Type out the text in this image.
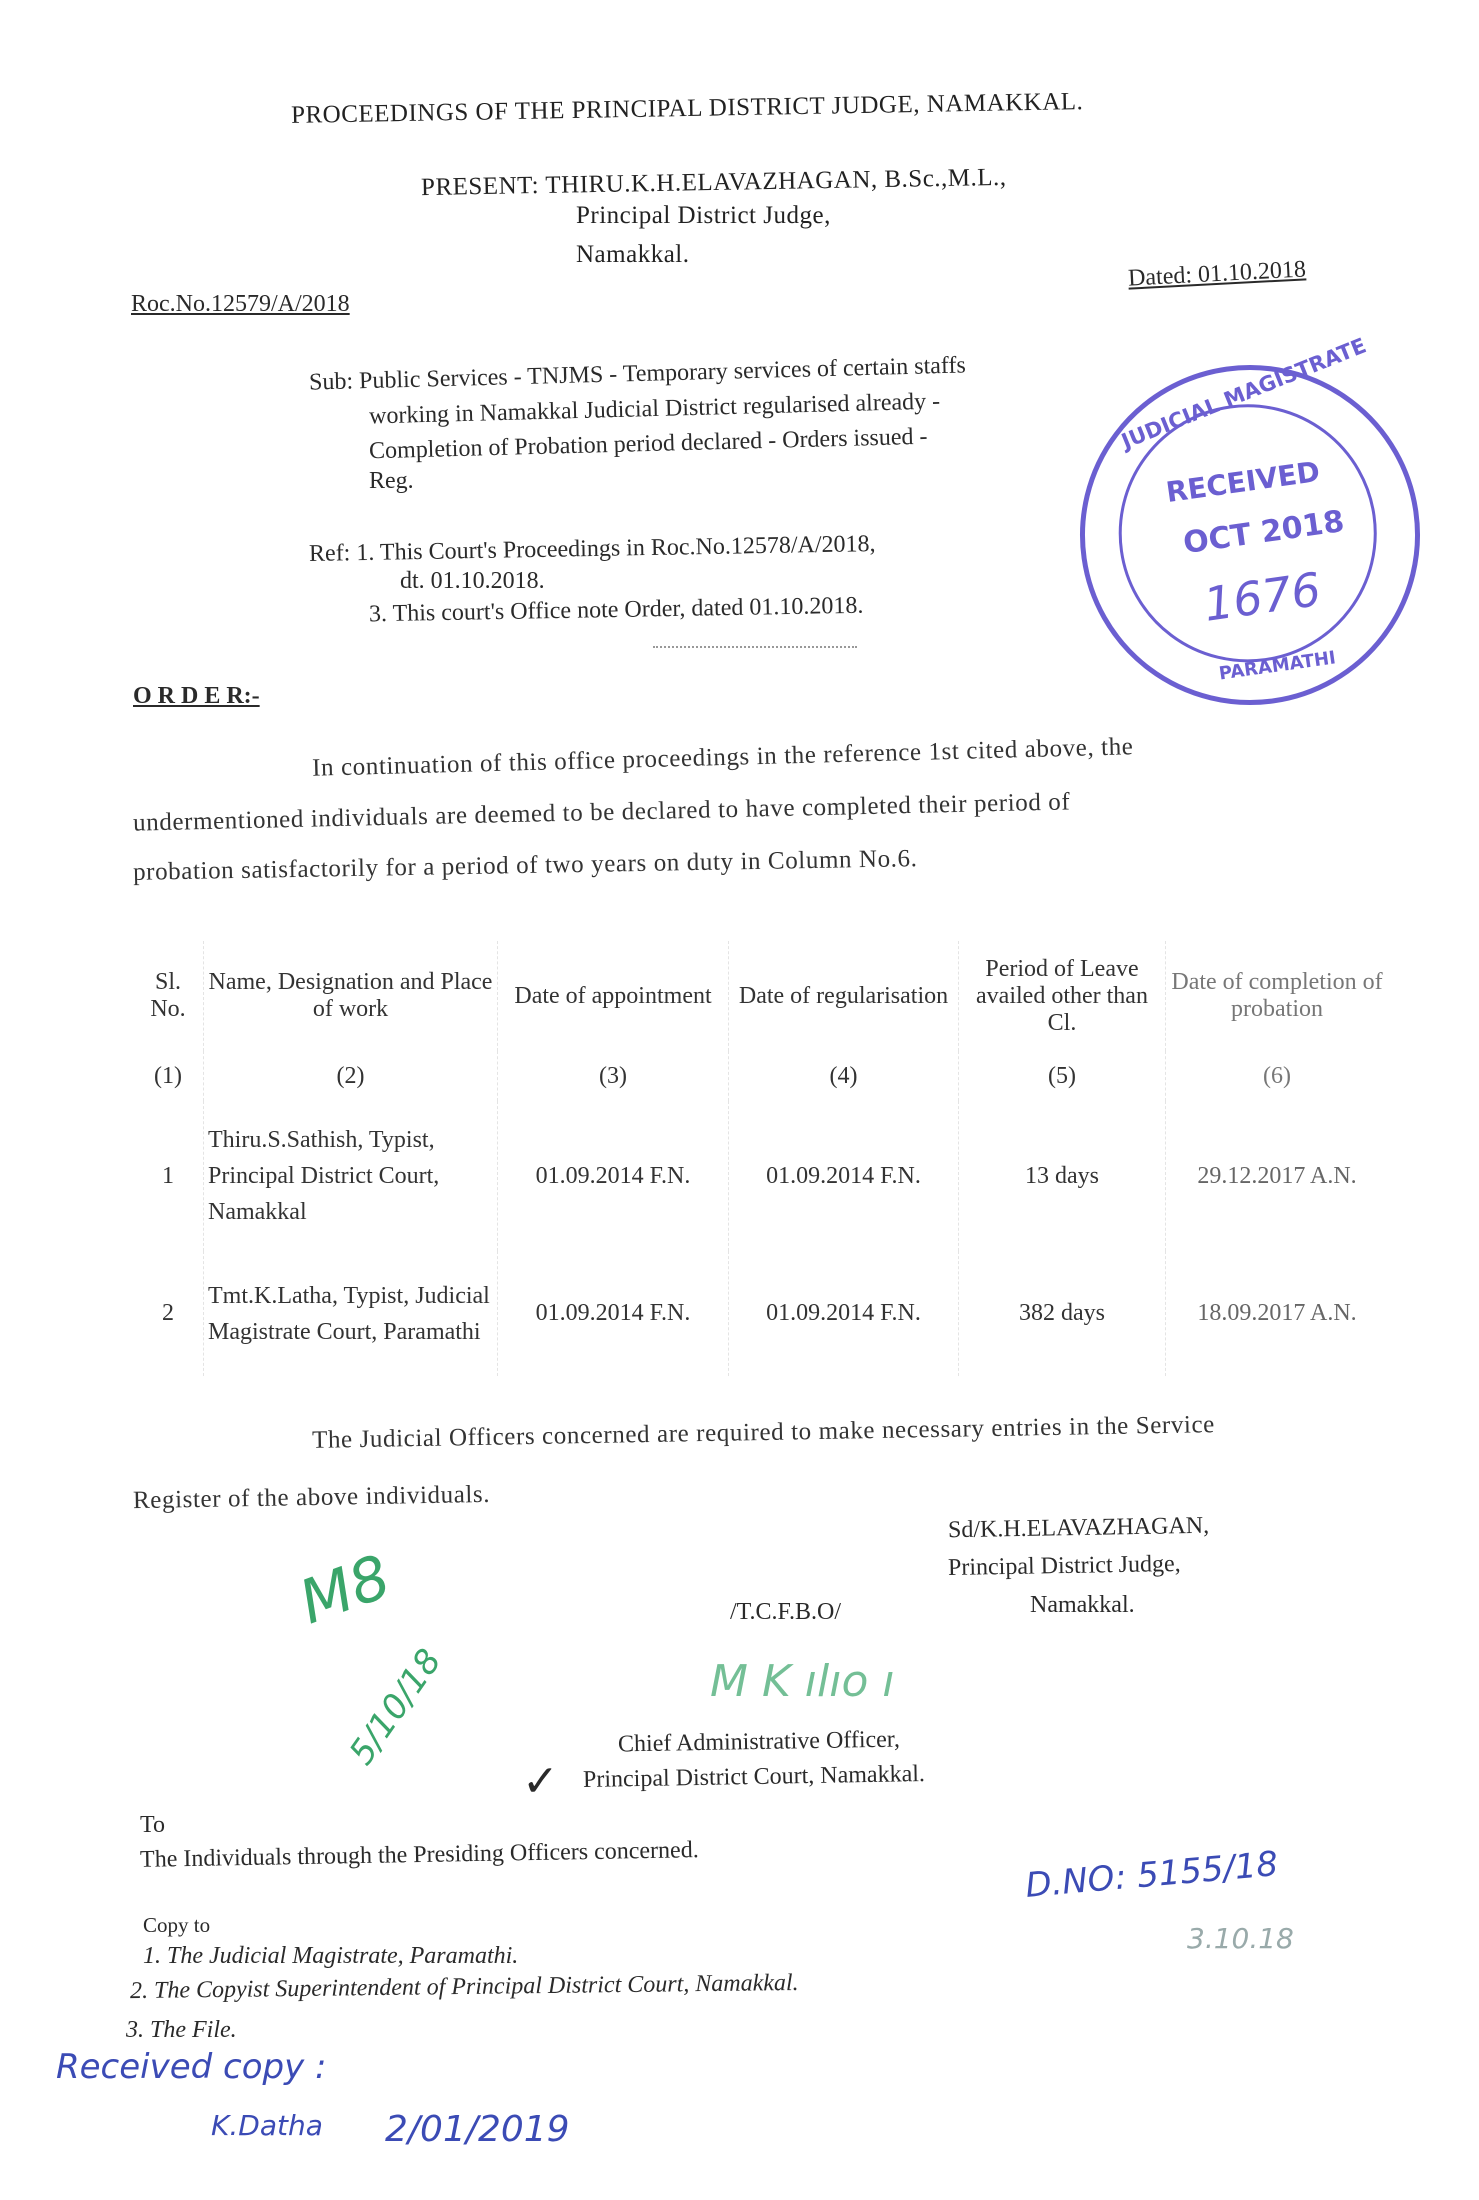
PROCEEDINGS OF THE PRINCIPAL DISTRICT JUDGE, NAMAKKAL.
PRESENT: THIRU.K.H.ELAVAZHAGAN, B.Sc.,M.L.,
Principal District Judge,
Namakkal.
Roc.No.12579/A/2018
Dated: 01.10.2018
Sub: Public Services - TNJMS - Temporary services of certain staffs
working in Namakkal Judicial District regularised already -
Completion of Probation period declared - Orders issued -
Reg.
Ref: 1. This Court's Proceedings in Roc.No.12578/A/2018,
dt. 01.10.2018.
3. This court's Office note Order, dated 01.10.2018.
O R D E R:-
In continuation of this office proceedings in the reference 1st cited above, the
undermentioned individuals are deemed to be declared to have completed their period of
probation satisfactorily for a period of two years on duty in Column No.6.
Sl. No.	Name, Designation and Place of work	Date of appointment	Date of regularisation	Period of Leave availed other than Cl.	Date of completion of probation
(1)	(2)	(3)	(4)	(5)	(6)
1	Thiru.S.Sathish, Typist, Principal District Court, Namakkal	01.09.2014 F.N.	01.09.2014 F.N.	13 days	29.12.2017 A.N.
2	Tmt.K.Latha, Typist, Judicial Magistrate Court, Paramathi	01.09.2014 F.N.	01.09.2014 F.N.	382 days	18.09.2017 A.N.
The Judicial Officers concerned are required to make necessary entries in the Service
Register of the above individuals.
Sd/K.H.ELAVAZHAGAN,
Principal District Judge,
Namakkal.
/T.C.F.B.O/
Chief Administrative Officer,
Principal District Court, Namakkal.
To
The Individuals through the Presiding Officers concerned.
Copy to
1. The Judicial Magistrate, Paramathi.
2. The Copyist Superintendent of Principal District Court, Namakkal.
3. The File.
JUDICIAL MAGISTRATE
RECEIVED
OCT 2018
1676
PARAMATHI
D.NO: 5155/18
3.10.18
Received copy :
K.Datha 2/01/2019
5/10/18
M8
M K ılıo ı
✓
